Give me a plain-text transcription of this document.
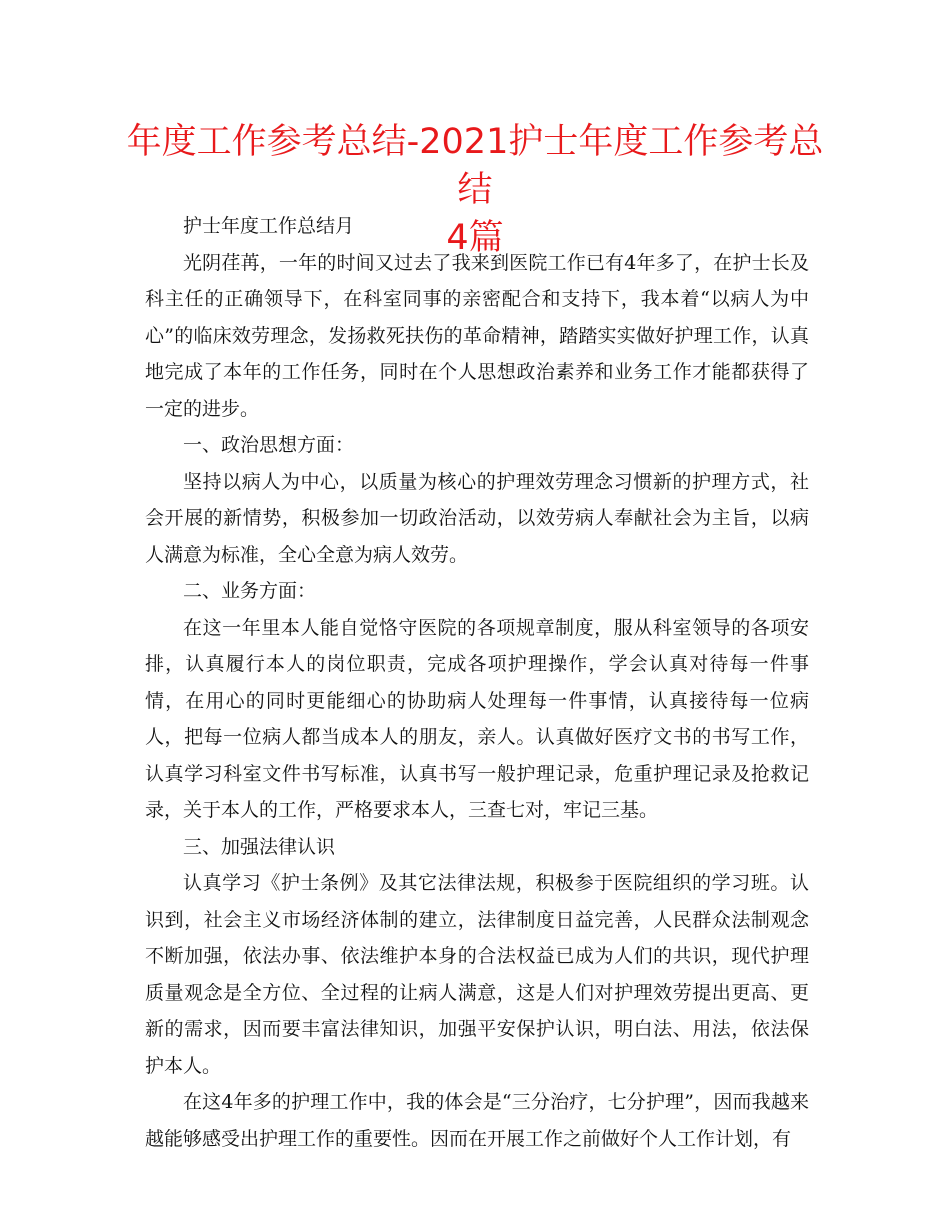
年度工作参考总结-2021护士年度工作参考总结
4篇

护士年度工作总结月

光阴荏苒，一年的时间又过去了我来到医院工作已有4年多了，在护士长及科主任的正确领导下，在科室同事的亲密配合和支持下，我本着“以病人为中心”的临床效劳理念，发扬救死扶伤的革命精神，踏踏实实做好护理工作，认真地完成了本年的工作任务，同时在个人思想政治素养和业务工作才能都获得了一定的进步。

一、政治思想方面：

坚持以病人为中心，以质量为核心的护理效劳理念习惯新的护理方式，社会开展的新情势，积极参加一切政治活动，以效劳病人奉献社会为主旨，以病人满意为标准，全心全意为病人效劳。

二、业务方面：

在这一年里本人能自觉恪守医院的各项规章制度，服从科室领导的各项安排，认真履行本人的岗位职责，完成各项护理操作，学会认真对待每一件事情，在用心的同时更能细心的协助病人处理每一件事情，认真接待每一位病人，把每一位病人都当成本人的朋友，亲人。认真做好医疗文书的书写工作，认真学习科室文件书写标准，认真书写一般护理记录，危重护理记录及抢救记录，关于本人的工作，严格要求本人，三查七对，牢记三基。

三、加强法律认识

认真学习《护士条例》及其它法律法规，积极参于医院组织的学习班。认识到，社会主义市场经济体制的建立，法律制度日益完善，人民群众法制观念不断加强，依法办事、依法维护本身的合法权益已成为人们的共识，现代护理质量观念是全方位、全过程的让病人满意，这是人们对护理效劳提出更高、更新的需求，因而要丰富法律知识，加强平安保护认识，明白法、用法，依法保护本人。

在这4年多的护理工作中，我的体会是“三分治疗，七分护理”，因而我越来越能够感受出护理工作的重要性。因而在开展工作之前做好个人工作计划，有
